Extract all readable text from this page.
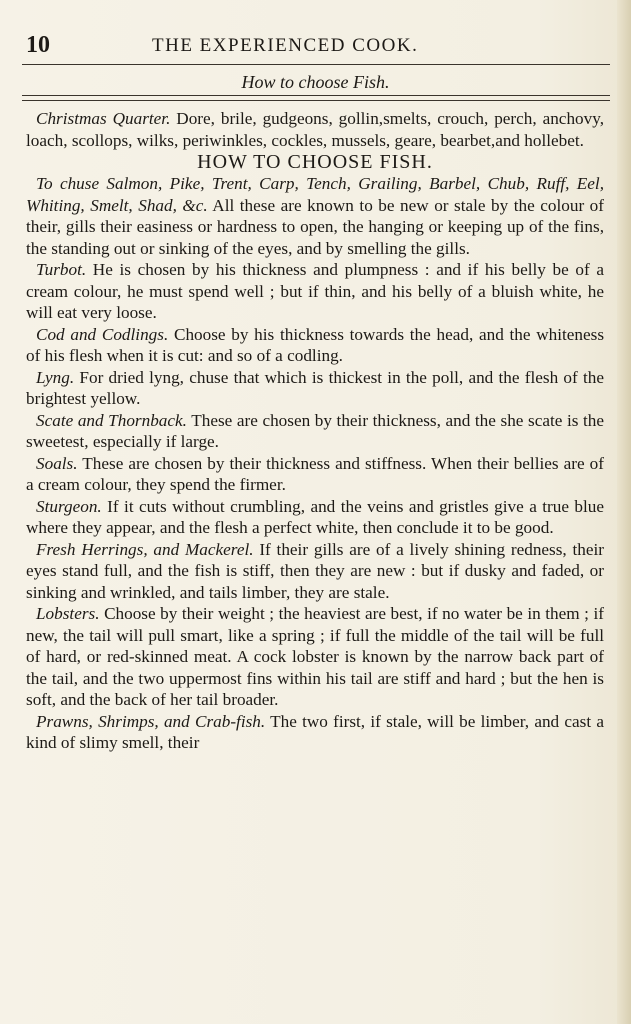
10	THE EXPERIENCED COOK.
How to choose Fish.

Christmas Quarter. Dore, brile, gudgeons, gollin,smelts, crouch, perch, anchovy, loach, scollops, wilks, periwinkles, cockles, mussels, geare, bearbet,and hollebet.

HOW TO CHOOSE FISH.

To chuse Salmon, Pike, Trent, Carp, Tench, Grailing, Barbel, Chub, Ruff, Eel, Whiting, Smelt, Shad, &c. All these are known to be new or stale by the colour of their, gills their easiness or hardness to open, the hanging or keeping up of the fins, the standing out or sinking of the eyes, and by smelling the gills.

Turbot. He is chosen by his thickness and plumpness : and if his belly be of a cream colour, he must spend well ; but if thin, and his belly of a bluish white, he will eat very loose.

Cod and Codlings. Choose by his thickness towards the head, and the whiteness of his flesh when it is cut: and so of a codling.

Lyng. For dried lyng, chuse that which is thickest in the poll, and the flesh of the brightest yellow.

Scate and Thornback. These are chosen by their thickness, and the she scate is the sweetest, especially if large.

Soals. These are chosen by their thickness and stiffness. When their bellies are of a cream colour, they spend the firmer.

Sturgeon. If it cuts without crumbling, and the veins and gristles give a true blue where they appear, and the flesh a perfect white, then conclude it to be good.

Fresh Herrings, and Mackerel. If their gills are of a lively shining redness, their eyes stand full, and the fish is stiff, then they are new : but if dusky and faded, or sinking and wrinkled, and tails limber, they are stale.

Lobsters. Choose by their weight ; the heaviest are best, if no water be in them ; if new, the tail will pull smart, like a spring ; if full the middle of the tail will be full of hard, or red-skinned meat. A cock lobster is known by the narrow back part of the tail, and the two uppermost fins within his tail are stiff and hard ; but the hen is soft, and the back of her tail broader.

Prawns, Shrimps, and Crab-fish. The two first, if stale, will be limber, and cast a kind of slimy smell, their
